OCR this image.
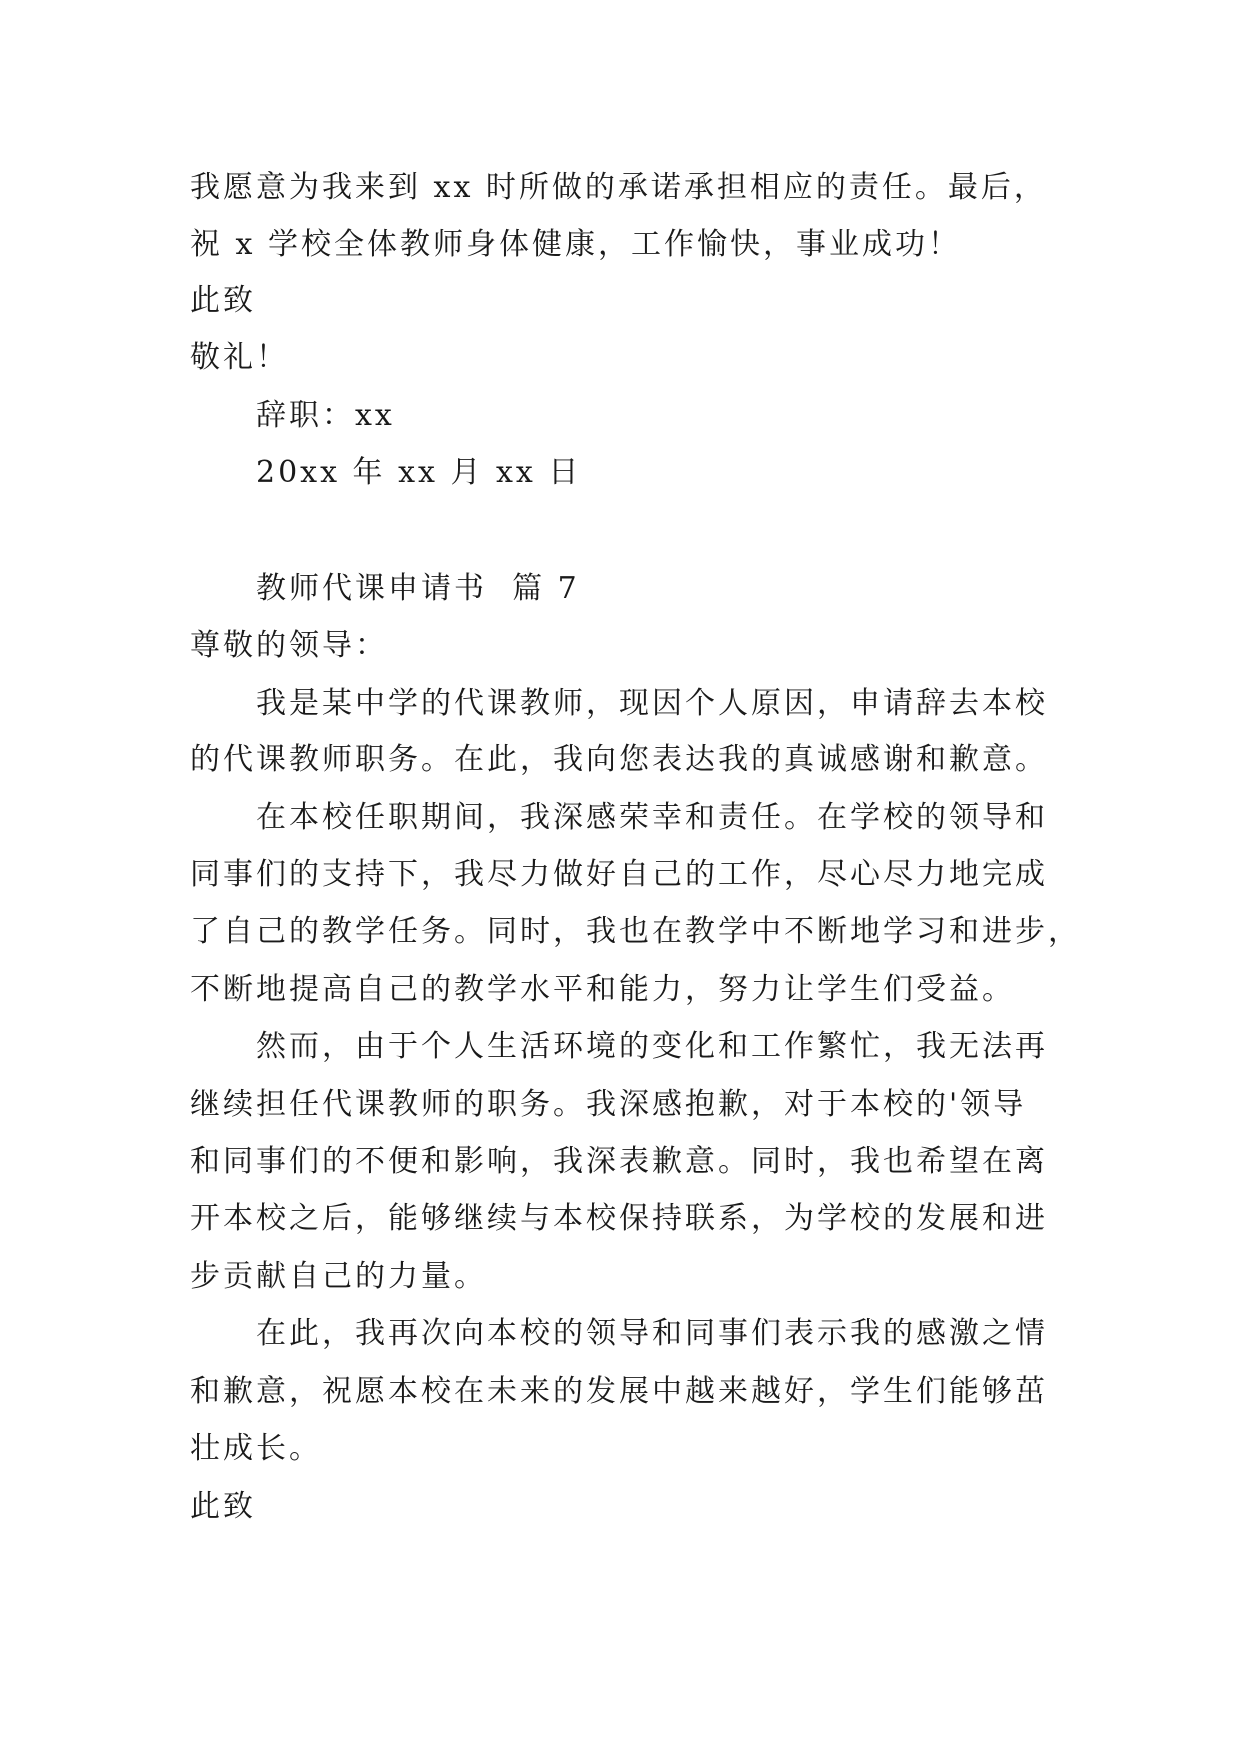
我愿意为我来到 xx 时所做的承诺承担相应的责任。最后，
祝 x 学校全体教师身体健康，工作愉快，事业成功！
此致
敬礼！
辞职：xx
20xx 年 xx 月 xx 日
教师代课申请书  篇 7
尊敬的领导：
我是某中学的代课教师，现因个人原因，申请辞去本校
的代课教师职务。在此，我向您表达我的真诚感谢和歉意。
在本校任职期间，我深感荣幸和责任。在学校的领导和
同事们的支持下，我尽力做好自己的工作，尽心尽力地完成
了自己的教学任务。同时，我也在教学中不断地学习和进步，
不断地提高自己的教学水平和能力，努力让学生们受益。
然而，由于个人生活环境的变化和工作繁忙，我无法再
继续担任代课教师的职务。我深感抱歉，对于本校的'领导
和同事们的不便和影响，我深表歉意。同时，我也希望在离
开本校之后，能够继续与本校保持联系，为学校的发展和进
步贡献自己的力量。
在此，我再次向本校的领导和同事们表示我的感激之情
和歉意，祝愿本校在未来的发展中越来越好，学生们能够茁
壮成长。
此致
